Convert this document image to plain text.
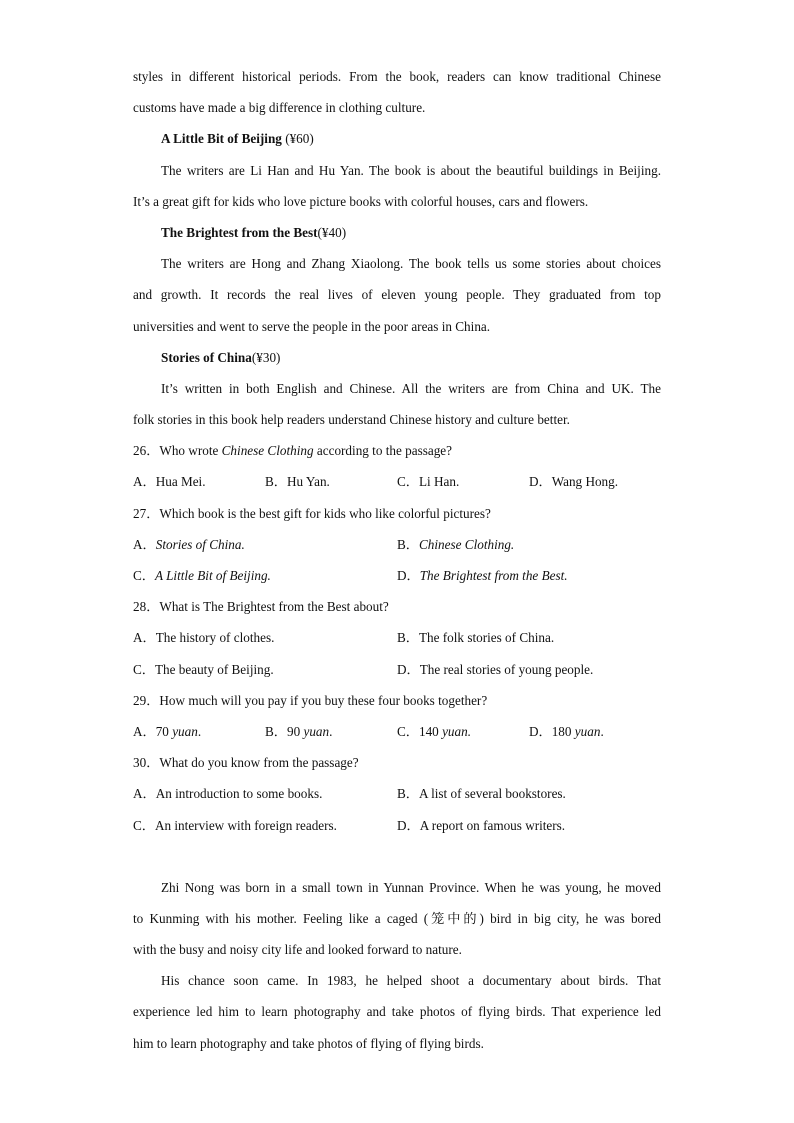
styles in different historical periods. From the book, readers can know traditional Chinese
customs have made a big difference in clothing culture.
A Little Bit of Beijing (¥60)
The writers are Li Han and Hu Yan. The book is about the beautiful buildings in Beijing.
It’s a great gift for kids who love picture books with colorful houses, cars and flowers.
The Brightest from the Best(¥40)
The writers are Hong and Zhang Xiaolong. The book tells us some stories about choices
and growth. It records the real lives of eleven young people. They graduated from top
universities and went to serve the people in the poor areas in China.
Stories of China(¥30)
It’s written in both English and Chinese. All the writers are from China and UK. The
folk stories in this book help readers understand Chinese history and culture better.
26．Who wrote Chinese Clothing according to the passage?
A．Hua Mei.	B．Hu Yan.	C．Li Han.	D．Wang Hong.
27．Which book is the best gift for kids who like colorful pictures?
A．Stories of China.	B．Chinese Clothing.
C．A Little Bit of Beijing.	D．The Brightest from the Best.
28．What is The Brightest from the Best about?
A．The history of clothes.	B．The folk stories of China.
C．The beauty of Beijing.	D．The real stories of young people.
29．How much will you pay if you buy these four books together?
A．70 yuan.	B．90 yuan.	C．140 yuan.	D．180 yuan.
30．What do you know from the passage?
A．An introduction to some books.	B．A list of several bookstores.
C．An interview with foreign readers.	D．A report on famous writers.
Zhi Nong was born in a small town in Yunnan Province. When he was young, he moved
to Kunming with his mother. Feeling like a caged (笼中的) bird in big city, he was bored
with the busy and noisy city life and looked forward to nature.
His chance soon came. In 1983, he helped shoot a documentary about birds. That
experience led him to learn photography and take photos of flying birds. That experience led
him to learn photography and take photos of flying of flying birds.
